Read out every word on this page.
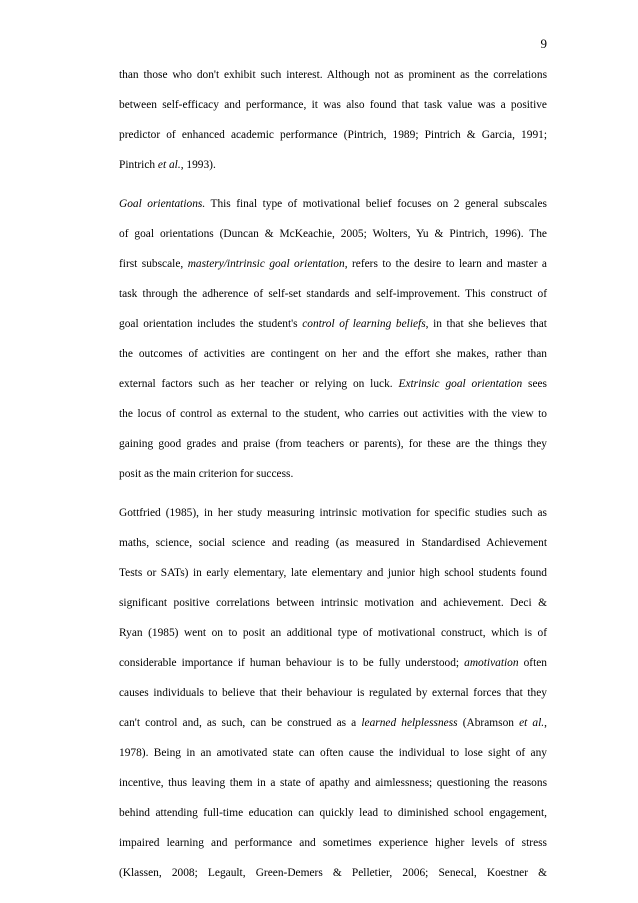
9
than those who don't exhibit such interest. Although not as prominent as the correlations
between self-efficacy and performance, it was also found that task value was a positive
predictor of enhanced academic performance (Pintrich, 1989; Pintrich & Garcia, 1991;
Pintrich et al., 1993).
Goal orientations. This final type of motivational belief focuses on 2 general subscales
of goal orientations (Duncan & McKeachie, 2005; Wolters, Yu & Pintrich, 1996). The
first subscale, mastery/intrinsic goal orientation, refers to the desire to learn and master a
task through the adherence of self-set standards and self-improvement. This construct of
goal orientation includes the student's control of learning beliefs, in that she believes that
the outcomes of activities are contingent on her and the effort she makes, rather than
external factors such as her teacher or relying on luck. Extrinsic goal orientation sees
the locus of control as external to the student, who carries out activities with the view to
gaining good grades and praise (from teachers or parents), for these are the things they
posit as the main criterion for success.
Gottfried (1985), in her study measuring intrinsic motivation for specific studies such as
maths, science, social science and reading (as measured in Standardised Achievement
Tests or SATs) in early elementary, late elementary and junior high school students found
significant positive correlations between intrinsic motivation and achievement. Deci &
Ryan (1985) went on to posit an additional type of motivational construct, which is of
considerable importance if human behaviour is to be fully understood; amotivation often
causes individuals to believe that their behaviour is regulated by external forces that they
can't control and, as such, can be construed as a learned helplessness (Abramson et al.,
1978). Being in an amotivated state can often cause the individual to lose sight of any
incentive, thus leaving them in a state of apathy and aimlessness; questioning the reasons
behind attending full-time education can quickly lead to diminished school engagement,
impaired learning and performance and sometimes experience higher levels of stress
(Klassen, 2008; Legault, Green-Demers & Pelletier, 2006; Senecal, Koestner &
